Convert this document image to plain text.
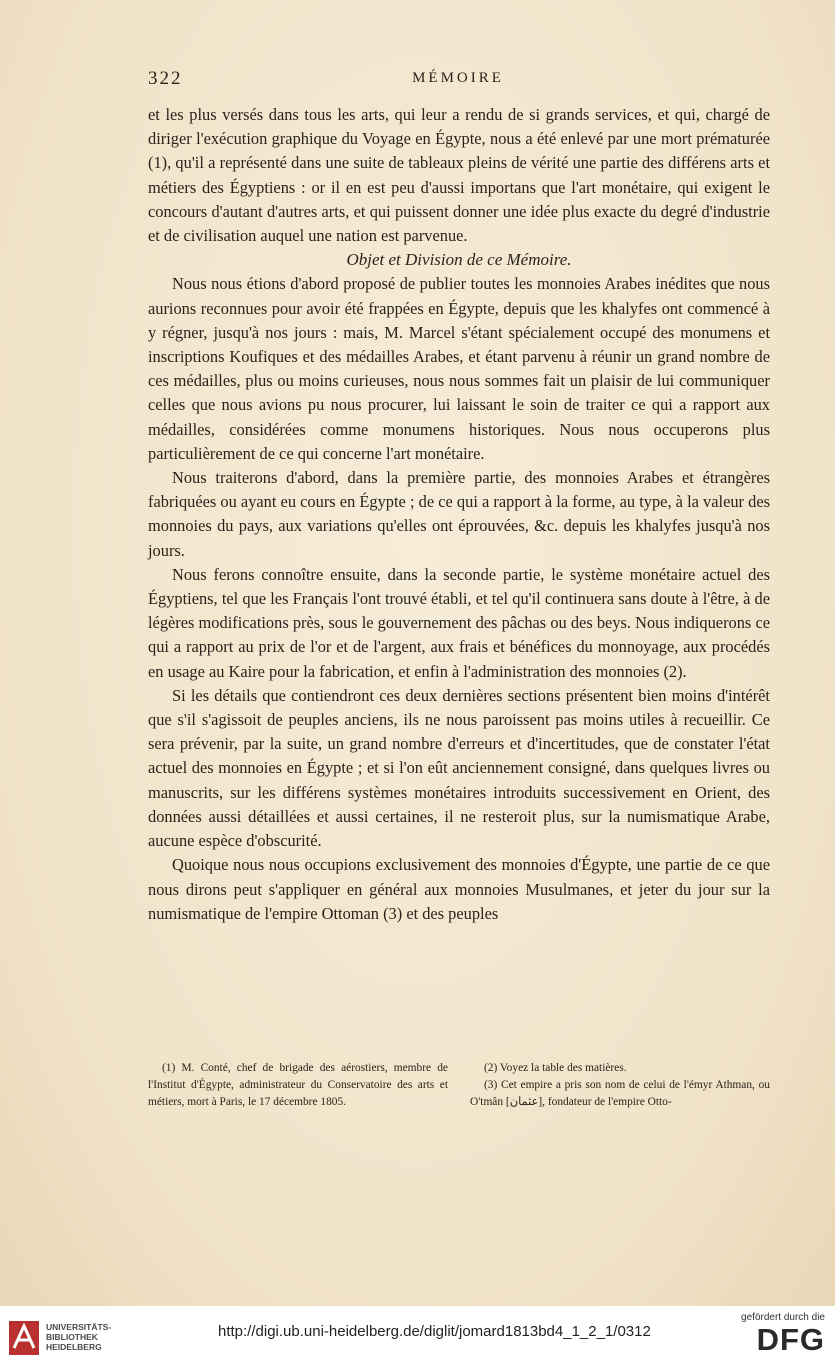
322	MÉMOIRE

et les plus versés dans tous les arts, qui leur a rendu de si grands services, et qui, chargé de diriger l'exécution graphique du Voyage en Égypte, nous a été enlevé par une mort prématurée (1), qu'il a représenté dans une suite de tableaux pleins de vérité une partie des différens arts et métiers des Égyptiens : or il en est peu d'aussi importans que l'art monétaire, qui exigent le concours d'autant d'autres arts, et qui puissent donner une idée plus exacte du degré d'industrie et de civilisation auquel une nation est parvenue.

Objet et Division de ce Mémoire.

Nous nous étions d'abord proposé de publier toutes les monnoies Arabes inédites que nous aurions reconnues pour avoir été frappées en Égypte, depuis que les khalyfes ont commencé à y régner, jusqu'à nos jours : mais, M. Marcel s'étant spécialement occupé des monumens et inscriptions Koufiques et des médailles Arabes, et étant parvenu à réunir un grand nombre de ces médailles, plus ou moins curieuses, nous nous sommes fait un plaisir de lui communiquer celles que nous avions pu nous procurer, lui laissant le soin de traiter ce qui a rapport aux médailles, considérées comme monumens historiques. Nous nous occuperons plus particulièrement de ce qui concerne l'art monétaire.

Nous traiterons d'abord, dans la première partie, des monnoies Arabes et étrangères fabriquées ou ayant eu cours en Égypte ; de ce qui a rapport à la forme, au type, à la valeur des monnoies du pays, aux variations qu'elles ont éprouvées, &c. depuis les khalyfes jusqu'à nos jours.

Nous ferons connoître ensuite, dans la seconde partie, le système monétaire actuel des Égyptiens, tel que les Français l'ont trouvé établi, et tel qu'il continuera sans doute à l'être, à de légères modifications près, sous le gouvernement des pâchas ou des beys. Nous indiquerons ce qui a rapport au prix de l'or et de l'argent, aux frais et bénéfices du monnoyage, aux procédés en usage au Kaire pour la fabrication, et enfin à l'administration des monnoies (2).

Si les détails que contiendront ces deux dernières sections présentent bien moins d'intérêt que s'il s'agissoit de peuples anciens, ils ne nous paroissent pas moins utiles à recueillir. Ce sera prévenir, par la suite, un grand nombre d'erreurs et d'incertitudes, que de constater l'état actuel des monnoies en Égypte ; et si l'on eût anciennement consigné, dans quelques livres ou manuscrits, sur les différens systèmes monétaires introduits successivement en Orient, des données aussi détaillées et aussi certaines, il ne resteroit plus, sur la numismatique Arabe, aucune espèce d'obscurité.

Quoique nous nous occupions exclusivement des monnoies d'Égypte, une partie de ce que nous dirons peut s'appliquer en général aux monnoies Musulmanes, et jeter du jour sur la numismatique de l'empire Ottoman (3) et des peuples

(1) M. Conté, chef de brigade des aérostiers, membre de l'Institut d'Égypte, administrateur du Conservatoire des arts et métiers, mort à Paris, le 17 décembre 1805.

(2) Voyez la table des matières.

(3) Cet empire a pris son nom de celui de l'émyr Athman, ou O'tmân [عثمان], fondateur de l'empire Otto-

UNIVERSITÄTS-
BIBLIOTHEK
HEIDELBERG
http://digi.ub.uni-heidelberg.de/diglit/jomard1813bd4_1_2_1/0312
gefördert durch die
DFG
